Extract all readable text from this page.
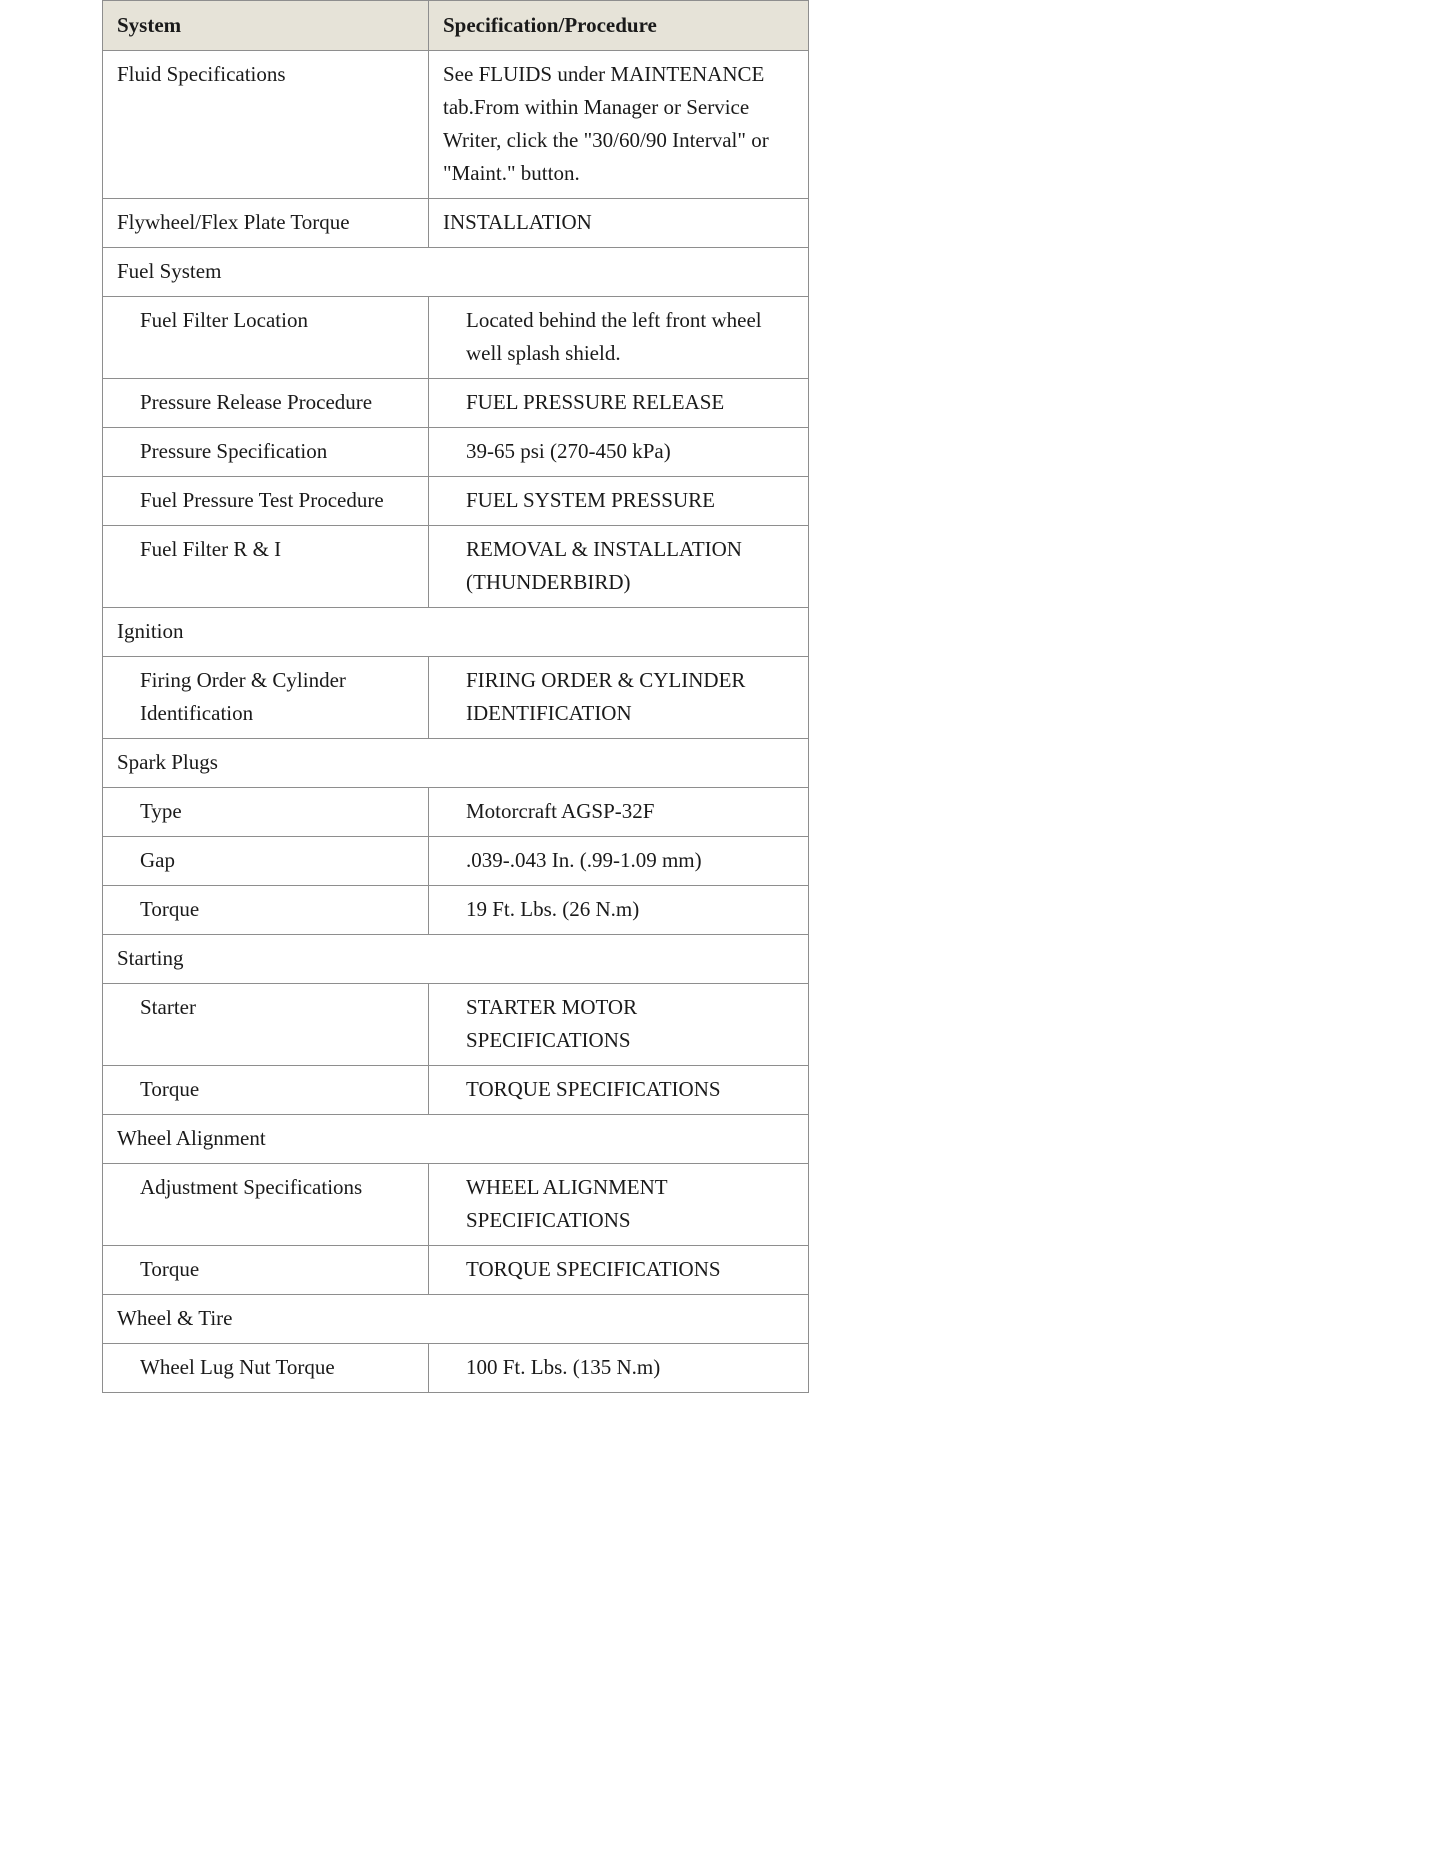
System	Specification/Procedure
Fluid Specifications	See FLUIDS under MAINTENANCE tab.From within Manager or Service Writer, click the "30/60/90 Interval" or "Maint." button.
Flywheel/Flex Plate Torque	INSTALLATION
Fuel System	
Fuel Filter Location	Located behind the left front wheel well splash shield.
Pressure Release Procedure	FUEL PRESSURE RELEASE
Pressure Specification	39-65 psi (270-450 kPa)
Fuel Pressure Test Procedure	FUEL SYSTEM PRESSURE
Fuel Filter R & I	REMOVAL & INSTALLATION (THUNDERBIRD)
Ignition	
Firing Order & Cylinder Identification	FIRING ORDER & CYLINDER IDENTIFICATION
Spark Plugs	
Type	Motorcraft AGSP-32F
Gap	.039-.043 In. (.99-1.09 mm)
Torque	19 Ft. Lbs. (26 N.m)
Starting	
Starter	STARTER MOTOR SPECIFICATIONS
Torque	TORQUE SPECIFICATIONS
Wheel Alignment	
Adjustment Specifications	WHEEL ALIGNMENT SPECIFICATIONS
Torque	TORQUE SPECIFICATIONS
Wheel & Tire	
Wheel Lug Nut Torque	100 Ft. Lbs. (135 N.m)
